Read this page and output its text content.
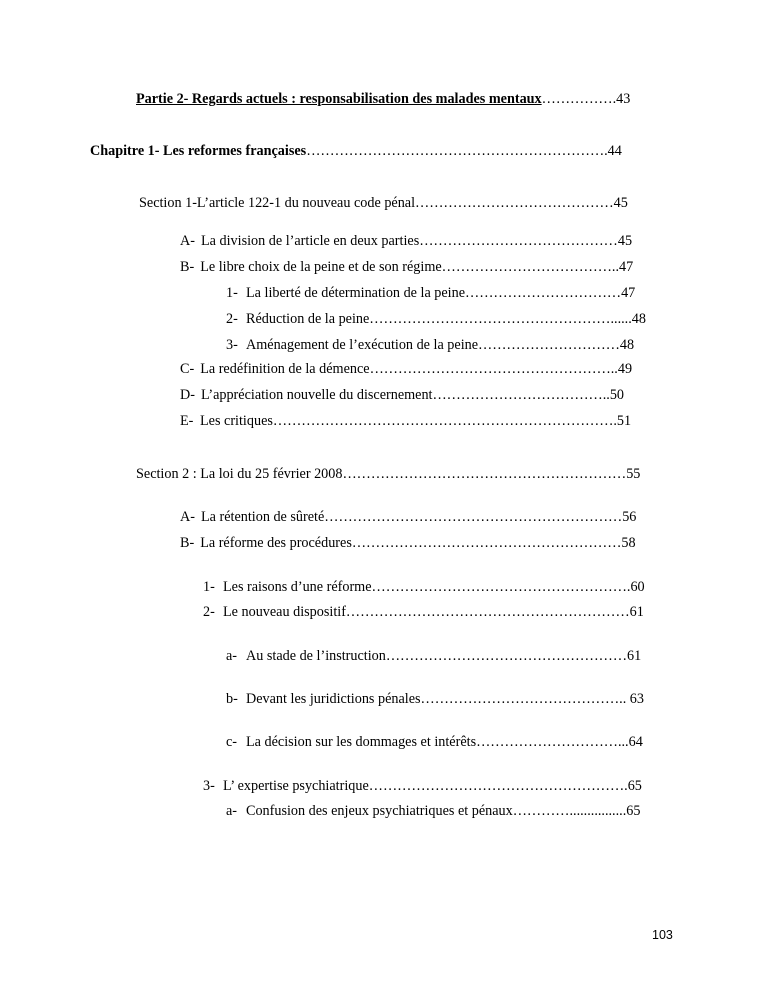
Partie 2- Regards actuels : responsabilisation des malades mentaux…………….43
Chapitre 1- Les reformes françaises……………………………………………………….44
Section 1-L’article 122-1 du nouveau code pénal……………………………………45
A- La division de l’article en deux parties……………………………………45
B- Le libre choix de la peine et de son régime………………………………..47
1- La liberté de détermination de la peine……………………………47
2- Réduction de la peine……………………………………………......48
3- Aménagement de l’exécution de la peine…………………………48
C- La redéfinition de la démence……………………………………………..49
D- L’appréciation nouvelle du discernement………………………………..50
E- Les critiques……………………………………………………………….51
Section 2 : La loi du 25 février 2008……………………………………………………55
A- La rétention de sûreté………………………………………………………56
B- La réforme des procédures…………………………………………………58
1- Les raisons d’une réforme……………………………………………….60
2- Le nouveau dispositif……………………………………………………61
a- Au stade de l’instruction……………………………………………61
b- Devant les juridictions pénales…………………………………….. 63
c- La décision sur les dommages et intérêts…………………………...64
3- L’ expertise psychiatrique……………………………………………….65
a- Confusion des enjeux psychiatriques et pénaux…………................65
103
